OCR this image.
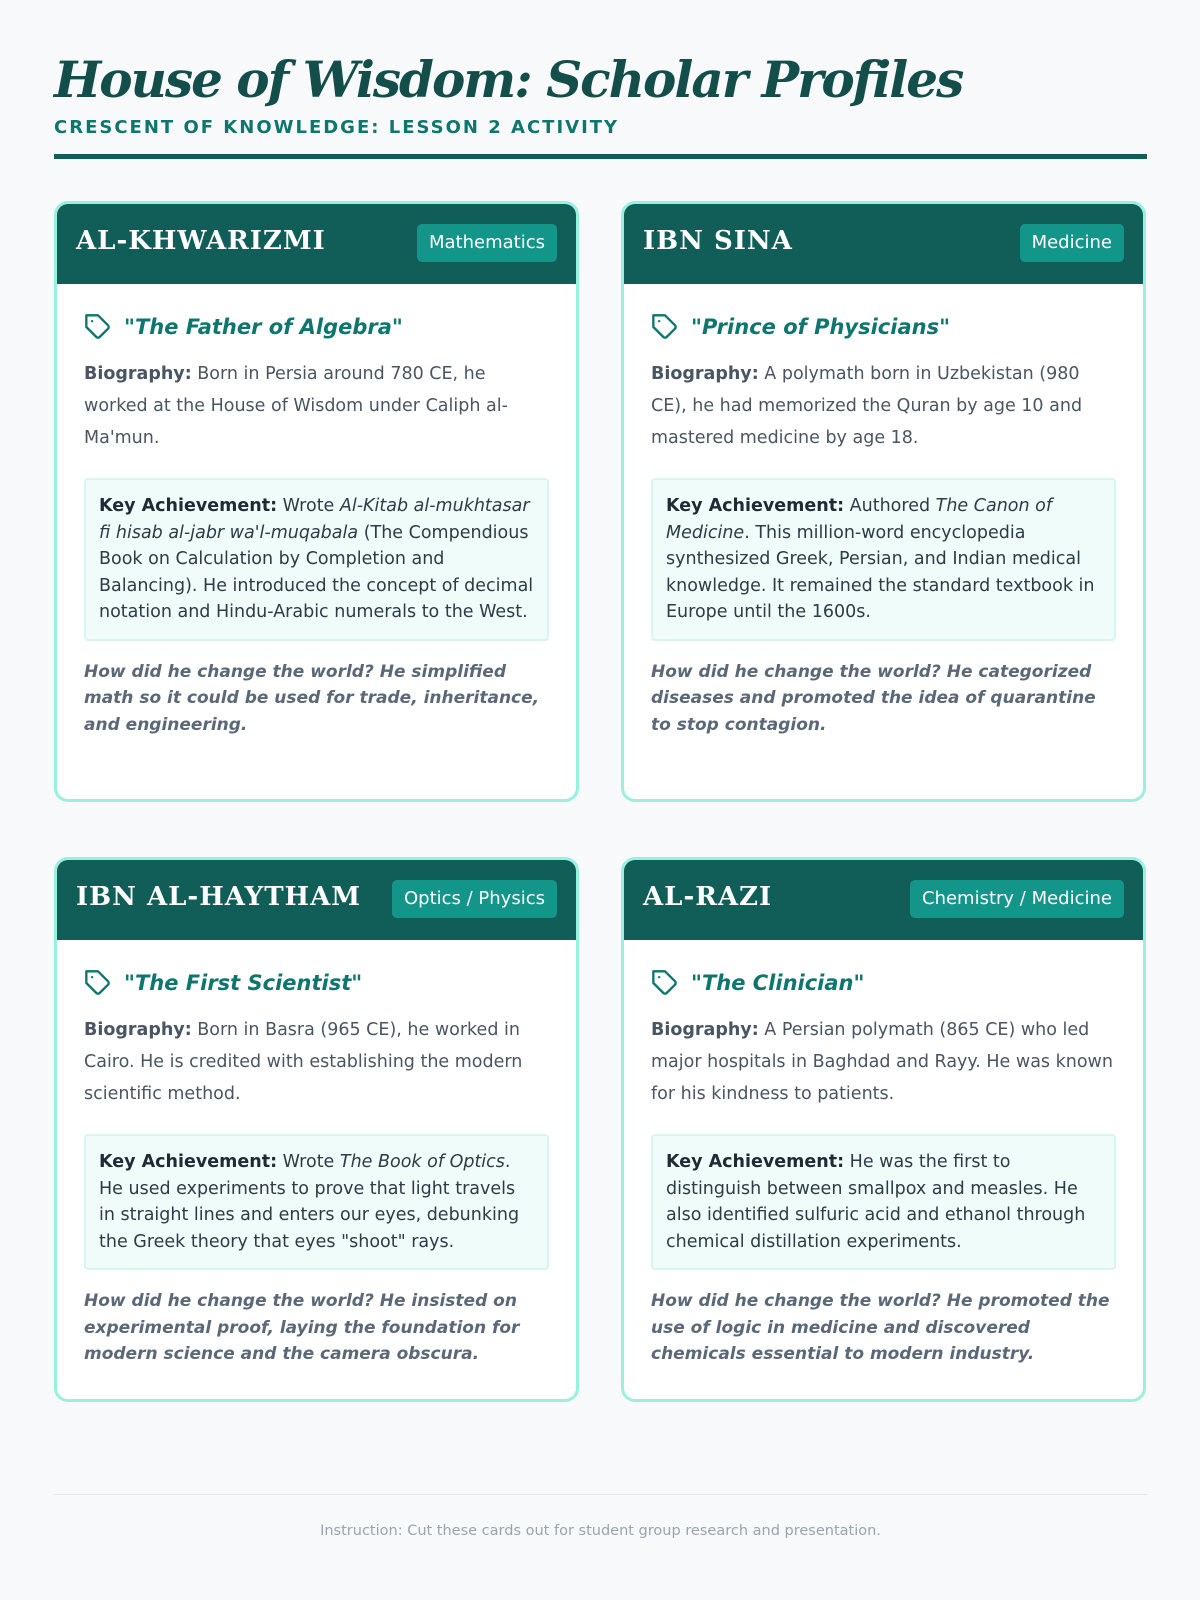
House of Wisdom: Scholar Profiles
CRESCENT OF KNOWLEDGE: LESSON 2 ACTIVITY
AL-KHWARIZMI	Mathematics
"The Father of Algebra"

Biography: Born in Persia around 780 CE, he worked at the House of Wisdom under Caliph al-Ma'mun.

Key Achievement: Wrote Al-Kitab al-mukhtasar fi hisab al-jabr wa'l-muqabala (The Compendious Book on Calculation by Completion and Balancing). He introduced the concept of decimal notation and Hindu-Arabic numerals to the West.
How did he change the world? He simplified math so it could be used for trade, inheritance, and engineering.
IBN SINA	Medicine
"Prince of Physicians"

Biography: A polymath born in Uzbekistan (980 CE), he had memorized the Quran by age 10 and mastered medicine by age 18.

Key Achievement: Authored The Canon of Medicine. This million-word encyclopedia synthesized Greek, Persian, and Indian medical knowledge. It remained the standard textbook in Europe until the 1600s.
How did he change the world? He categorized diseases and promoted the idea of quarantine to stop contagion.
IBN AL-HAYTHAM	Optics / Physics
"The First Scientist"

Biography: Born in Basra (965 CE), he worked in Cairo. He is credited with establishing the modern scientific method.

Key Achievement: Wrote The Book of Optics. He used experiments to prove that light travels in straight lines and enters our eyes, debunking the Greek theory that eyes "shoot" rays.
How did he change the world? He insisted on experimental proof, laying the foundation for modern science and the camera obscura.
AL-RAZI	Chemistry / Medicine
"The Clinician"

Biography: A Persian polymath (865 CE) who led major hospitals in Baghdad and Rayy. He was known for his kindness to patients.

Key Achievement: He was the first to distinguish between smallpox and measles. He also identified sulfuric acid and ethanol through chemical distillation experiments.
How did he change the world? He promoted the use of logic in medicine and discovered chemicals essential to modern industry.
Instruction: Cut these cards out for student group research and presentation.
